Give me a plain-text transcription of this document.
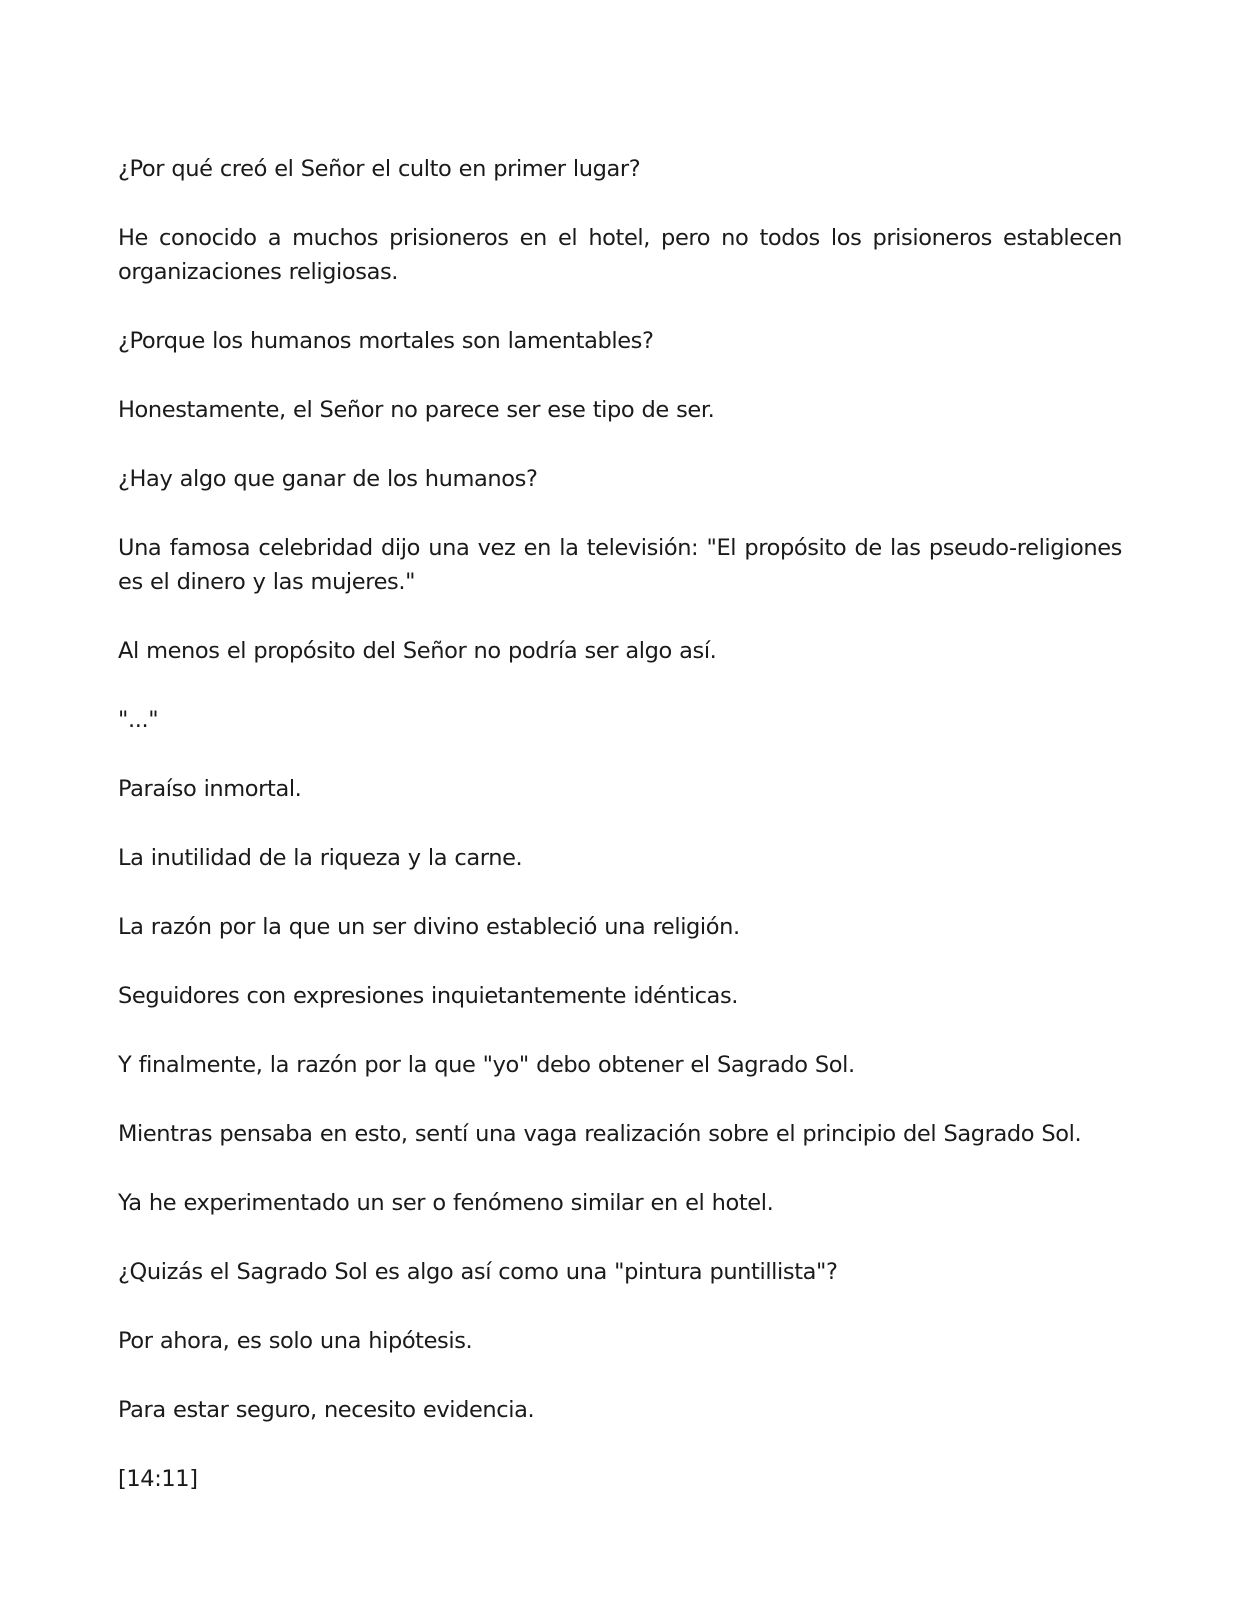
¿Por qué creó el Señor el culto en primer lugar?

He conocido a muchos prisioneros en el hotel, pero no todos los prisioneros establecen organizaciones religiosas.

¿Porque los humanos mortales son lamentables?

Honestamente, el Señor no parece ser ese tipo de ser.

¿Hay algo que ganar de los humanos?

Una famosa celebridad dijo una vez en la televisión: "El propósito de las pseudo-religiones es el dinero y las mujeres."

Al menos el propósito del Señor no podría ser algo así.

"..."

Paraíso inmortal.

La inutilidad de la riqueza y la carne.

La razón por la que un ser divino estableció una religión.

Seguidores con expresiones inquietantemente idénticas.

Y finalmente, la razón por la que "yo" debo obtener el Sagrado Sol.

Mientras pensaba en esto, sentí una vaga realización sobre el principio del Sagrado Sol.

Ya he experimentado un ser o fenómeno similar en el hotel.

¿Quizás el Sagrado Sol es algo así como una "pintura puntillista"?

Por ahora, es solo una hipótesis.

Para estar seguro, necesito evidencia.

[14:11]
